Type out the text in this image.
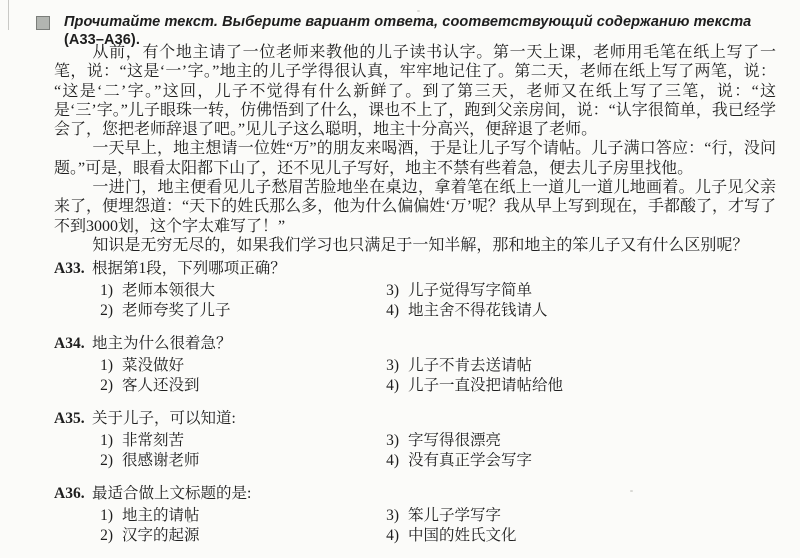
Прочитайте текст. Выберите вариант ответа, соответствующий содержанию текста (А33–А36).

从前，有个地主请了一位老师来教他的儿子读书认字。第一天上课，老师用毛笔在纸上写了一笔，说：“这是‘一’字。”地主的儿子学得很认真，牢牢地记住了。第二天，老师在纸上写了两笔，说：“这是‘二’字。”这回，儿子不觉得有什么新鲜了。到了第三天，老师又在纸上写了三笔，说：“这是‘三’字。”儿子眼珠一转，仿佛悟到了什么，课也不上了，跑到父亲房间，说：“认字很简单，我已经学会了，您把老师辞退了吧。”见儿子这么聪明，地主十分高兴，便辞退了老师。

一天早上，地主想请一位姓“万”的朋友来喝酒，于是让儿子写个请帖。儿子满口答应：“行，没问题。”可是，眼看太阳都下山了，还不见儿子写好，地主不禁有些着急，便去儿子房里找他。

一进门，地主便看见儿子愁眉苦脸地坐在桌边，拿着笔在纸上一道儿一道儿地画着。儿子见父亲来了，便埋怨道：“天下的姓氏那么多，他为什么偏偏姓‘万’呢？我从早上写到现在，手都酸了，才写了不到3000划，这个字太难写了！”

知识是无穷无尽的，如果我们学习也只满足于一知半解，那和地主的笨儿子又有什么区别呢？

A33. 根据第1段，下列哪项正确？
1) 老师本领很大
2) 老师夸奖了儿子
3) 儿子觉得写字简单
4) 地主舍不得花钱请人
A34. 地主为什么很着急？
1) 菜没做好
2) 客人还没到
3) 儿子不肯去送请帖
4) 儿子一直没把请帖给他
A35. 关于儿子，可以知道:
1) 非常刻苦
2) 很感谢老师
3) 字写得很漂亮
4) 没有真正学会写字
A36. 最适合做上文标题的是:
1) 地主的请帖
2) 汉字的起源
3) 笨儿子学写字
4) 中国的姓氏文化
